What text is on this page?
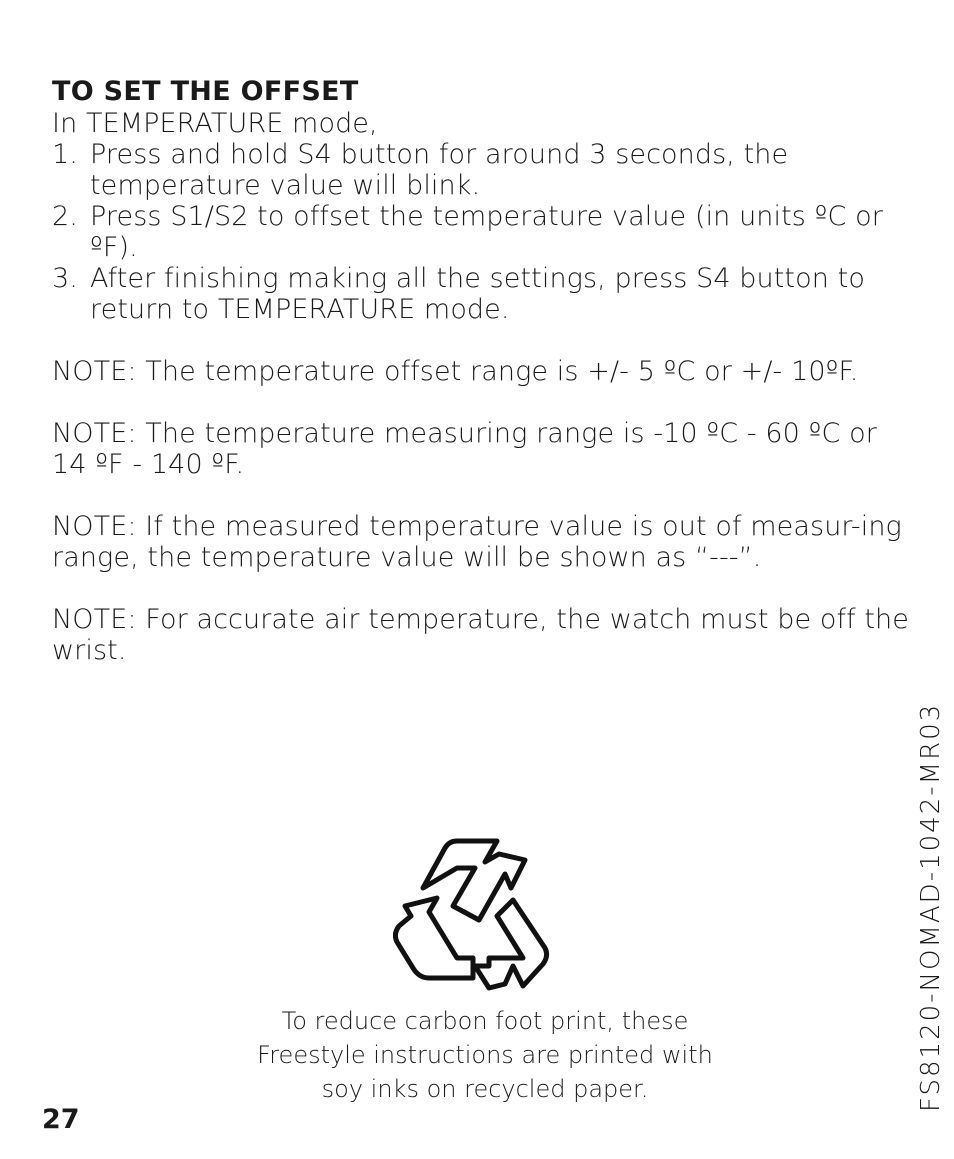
TO SET THE OFFSET
In TEMPERATURE mode,
1. Press and hold S4 button for around 3 seconds, the temperature value will blink.
2. Press S1/S2 to offset the temperature value (in units ºC or ºF).
3. After finishing making all the settings, press S4 button to return to TEMPERATURE mode.
NOTE: The temperature offset range is +/- 5 ºC or +/- 10ºF.
NOTE: The temperature measuring range is -10 ºC - 60 ºC or 14 ºF - 140 ºF.
NOTE: If the measured temperature value is out of measur-ing range, the temperature value will be shown as “---”.
NOTE: For accurate air temperature, the watch must be off the wrist.
To reduce carbon foot print, these
Freestyle instructions are printed with
soy inks on recycled paper.
27
FS8120-NOMAD-1042-MR03
